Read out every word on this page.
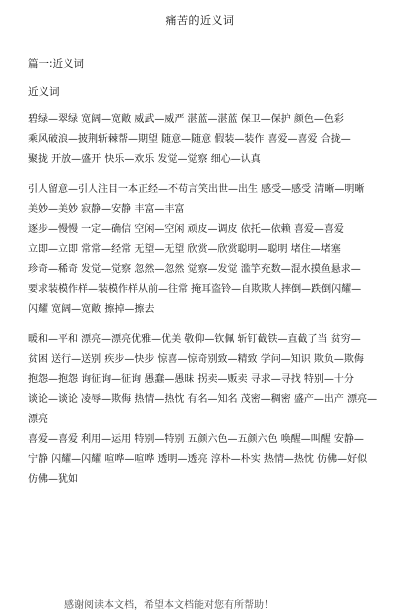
痛苦的近义词
篇一:近义词
近义词
碧绿—翠绿 宽阔—宽敞 威武—威严 湛蓝—湛蓝 保卫—保护 颜色—色彩
乘风破浪—披荆斩棘帮—期望 随意—随意 假装—装作 喜爱—喜爱 合拢—
聚拢 开放—盛开 快乐—欢乐 发觉—觉察 细心—认真
引人留意—引人注目一本正经—不苟言笑出世—出生 感受—感受 清晰—明晰
美妙—美妙 寂静—安静 丰富—丰富
逐步—慢慢 一定—确信 空闲—空闲 顽皮—调皮 依托—依赖 喜爱—喜爱
立即—立即 常常—经常 无望—无望 欣赏—欣赏聪明—聪明 堵住—堵塞
珍奇—稀奇 发觉—觉察 忽然—忽然 觉察—发觉 滥竽充数—混水摸鱼悬求—
要求装模作样—装模作样从前—往常 掩耳盗铃—自欺欺人摔倒—跌倒闪耀—
闪耀 宽阔—宽敞 擦掉—擦去
暖和—平和 漂亮—漂亮优雅—优美 敬仰—钦佩 斩钉截铁—直截了当 贫穷—
贫困 送行—送别 疾步—快步 惊喜—惊奇别致—精致 学问—知识 欺负—欺侮
抱怨—抱怨 询征询—征询 愚蠢—愚昧 拐卖—贩卖 寻求—寻找 特别—十分
谈论—谈论 凌辱—欺侮 热情—热忱 有名—知名 茂密—稠密 盛产—出产 漂亮—
漂亮
喜爱—喜爱 利用—运用 特别—特别 五颜六色—五颜六色 唤醒—叫醒 安静—
宁静 闪耀—闪耀 喧哗—喧哗 透明—透亮 淳朴—朴实 热情—热忱 仿佛—好似
仿佛—犹如
感谢阅读本文档，希望本文档能对您有所帮助！
